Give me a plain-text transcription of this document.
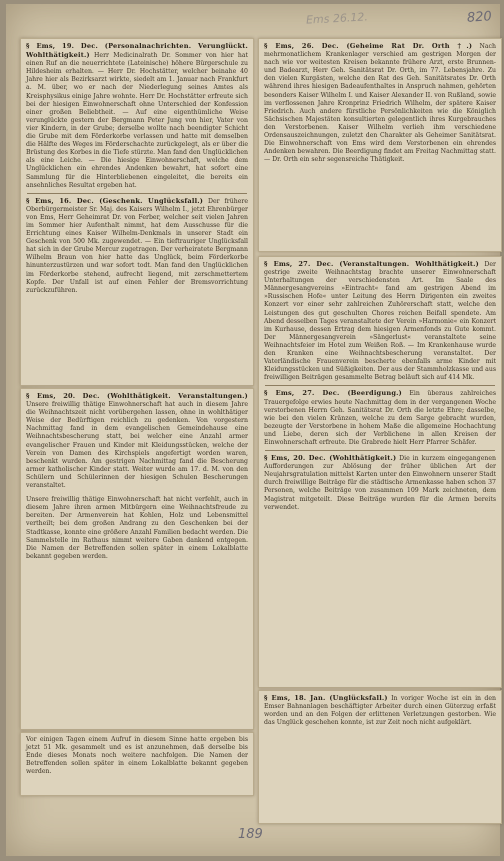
820
Ems 26.12.
§ Ems, 19. Dec. (Personalnachrichten. Verunglückt. Wohlthätigkeit.) Herr Medicinalrath Dr. Sommer von hier hat einen Ruf an die neuerrichtete (Lateinische) höhere Bürgerschule zu Hildesheim erhalten. — Herr Dr. Hochstätter, welcher beinahe 40 Jahre hier als Bezirksarzt wirkte, siedelt am 1. Januar nach Frankfurt a. M. über, wo er nach der Niederlegung seines Amtes als Kreisphysikus einige Jahre wohnte. Herr Dr. Hochstätter erfreute sich bei der hiesigen Einwohnerschaft ohne Unterschied der Konfession einer großen Beliebtheit. — Auf eine eigenthümliche Weise verunglückte gestern der Bergmann Peter Jung von hier, Vater von vier Kindern, in der Grube; derselbe wollte nach beendigter Schicht die Grube mit dem Förderkorbe verlassen und hatte mit demselben die Hälfte des Weges im Förderschachte zurückgelegt, als er über die Brüstung des Korbes in die Tiefe stürzte. Man fand den Unglücklichen als eine Leiche. — Die hiesige Einwohnerschaft, welche dem Unglücklichen ein ehrendes Andenken bewahrt, hat sofort eine Sammlung für die Hinterbliebenen eingeleitet, die bereits ein ansehnliches Resultat ergeben hat.
§ Ems, 16. Dec. (Geschenk. Unglücksfall.) Der frühere Oberbürgermeister Sr. Maj. des Kaisers Wilhelm I., jetzt Ehrenbürger von Ems, Herr Geheimrat Dr. von Ferber, welcher seit vielen Jahren im Sommer hier Aufenthalt nimmt, hat dem Ausschusse für die Errichtung eines Kaiser Wilhelm-Denkmals in unserer Stadt ein Geschenk von 500 Mk. zugewendet. — Ein tieftrauriger Unglücksfall hat sich in der Grube Mercur zugetragen. Der verheiratete Bergmann Wilhelm Braun von hier hatte das Unglück, beim Förderkorbe hinunterzustürzen und war sofort todt. Man fand den Unglücklichen im Förderkorbe stehend, aufrecht liegend, mit zerschmettertem Kopfe. Der Unfall ist auf einen Fehler der Bremsvorrichtung zurückzuführen.
§ Ems, 26. Dec. (Geheime Rat Dr. Orth †.) Nach mehrmonatlichem Krankenlager verschied am gestrigen Morgen der nach wie vor weitesten Kreisen bekannte frühere Arzt, erste Brunnen- und Badearzt, Herr Geh. Sanitätsrat Dr. Orth, im 77. Lebensjahre. Zu den vielen Kurgästen, welche den Rat des Geh. Sanitätsrates Dr. Orth während ihres hiesigen Badeaufenthaltes in Anspruch nahmen, gehörten besonders Kaiser Wilhelm I. und Kaiser Alexander II. von Rußland, sowie im verflossenen Jahre Kronprinz Friedrich Wilhelm, der spätere Kaiser Friedrich. Auch andere fürstliche Persönlichkeiten wie die Königlich Sächsischen Majestäten konsultierten gelegentlich ihres Kurgebrauches den Verstorbenen. Kaiser Wilhelm verlieh ihm verschiedene Ordensauszeichnungen, zuletzt den Charakter als Geheimer Sanitätsrat. Die Einwohnerschaft von Ems wird dem Verstorbenen ein ehrendes Andenken bewahren. Die Beerdigung findet am Freitag Nachmittag statt. — Dr. Orth ein sehr segensreiche Thätigkeit.
§ Ems, 27. Dec. (Veranstaltungen. Wohlthätigkeit.) Der gestrige zweite Weihnachtstag brachte unserer Einwohnerschaft Unterhaltungen der verschiedensten Art. Im Saale des Männergesangvereins »Eintracht« fand am gestrigen Abend im »Russischen Hofe« unter Leitung des Herrn Dirigenten ein zweites Konzert vor einer sehr zahlreichen Zuhörerschaft statt, welche den Leistungen des gut geschulten Chores reichen Beifall spendete. Am Abend desselben Tages veranstaltete der Verein »Harmonie« ein Konzert im Kurhause, dessen Ertrag dem hiesigen Armenfonds zu Gute kommt. Der Männergesangverein »Sängerlust« veranstaltete seine Weihnachtsfeier im Hotel zum Weißen Roß. — Im Krankenhause wurde den Kranken eine Weihnachtsbescherung veranstaltet. Der Vaterländische Frauenverein bescherte ebenfalls arme Kinder mit Kleidungsstücken und Süßigkeiten. Der aus der Stammholzkasse und aus freiwilligen Beiträgen gesammelte Betrag beläuft sich auf 414 Mk.
§ Ems, 27. Dec. (Beerdigung.) Ein überaus zahlreiches Trauergefolge erwies heute Nachmittag dem in der vergangenen Woche verstorbenen Herrn Geh. Sanitätsrat Dr. Orth die letzte Ehre; dasselbe, wie bei den vielen Kränzen, welche zu dem Sarge gebracht wurden, bezeugte der Verstorbene in hohem Maße die allgemeine Hochachtung und Liebe, deren sich der Verblichene in allen Kreisen der Einwohnerschaft erfreute. Die Grabrede hielt Herr Pfarrer Schäfer.
§ Ems, 20. Dec. (Wohlthätigkeit.) Die in kurzem eingegangenen Aufforderungen zur Ablösung der früher üblichen Art der Neujahrsgratulation mittelst Karten unter den Einwohnern unserer Stadt durch freiwillige Beiträge für die städtische Armenkasse haben schon 37 Personen, welche Beiträge von zusammen 109 Mark zeichneten, dem Magistrat mitgeteilt. Diese Beiträge wurden für die Armen bereits verwendet.
§ Ems, 20. Dec. (Wohlthätigkeit. Veranstaltungen.) Unsere freiwillig thätige Einwohnerschaft hat auch in diesem Jahre die Weihnachtszeit nicht vorübergehen lassen, ohne in wohlthätiger Weise der Bedürftigen reichlich zu gedenken. Von vorgestern Nachmittag fand in dem evangelischen Gemeindehause eine Weihnachtsbescherung statt, bei welcher eine Anzahl armer evangelischer Frauen und Kinder mit Kleidungsstücken, welche der Verein von Damen des Kirchspiels angefertigt worden waren, beschenkt wurden. Am gestrigen Nachmittag fand die Bescherung armer katholischer Kinder statt. Weiter wurde am 17. d. M. von den Schülern und Schülerinnen der hiesigen Schulen Bescherungen veranstaltet.
Unsere freiwillig thätige Einwohnerschaft hat nicht verfehlt, auch in diesem Jahre ihren armen Mitbürgern eine Weihnachtsfreude zu bereiten. Der Armenverein hat Kohlen, Holz und Lebensmittel vertheilt; bei dem großen Andrang zu den Geschenken bei der Stadtkasse, konnte eine größere Anzahl Familien bedacht werden. Die Sammelstelle im Rathaus nimmt weitere Gaben dankend entgegen. Die Namen der Betreffenden sollen später in einem Lokalblatte bekannt gegeben werden.
§ Ems, 18. Jan. (Unglücksfall.) In voriger Woche ist ein in den Emser Bahnanlagen beschäftigter Arbeiter durch einen Güterzug erfaßt worden und an den Folgen der erlittenen Verletzungen gestorben. Wie das Unglück geschehen konnte, ist zur Zeit noch nicht aufgeklärt.
Vor einigen Tagen einem Aufruf in diesem Sinne hatte ergeben bis jetzt 51 Mk. gesammelt und es ist anzunehmen, daß derselbe bis Ende dieses Monats noch weitere nachfolgen. Die Namen der Betreffenden sollen später in einem Lokalblatte bekannt gegeben werden.
189
